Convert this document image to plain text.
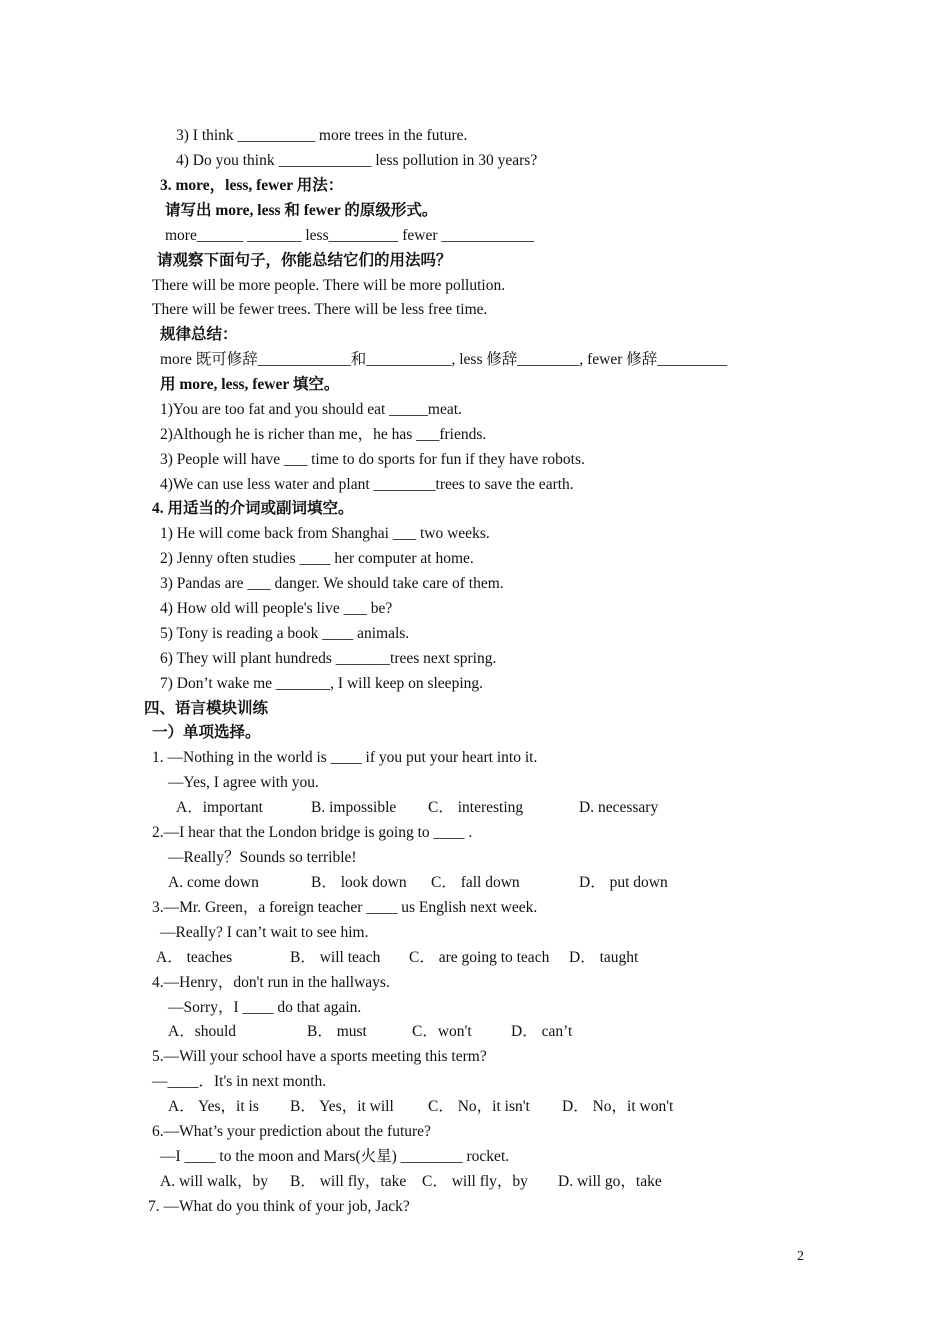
3) I think __________ more trees in the future.
4) Do you think ____________ less pollution in 30 years?
3. more，less, fewer 用法：
请写出 more, less 和 fewer 的原级形式。
more______ _______ less_________ fewer ____________
请观察下面句子，你能总结它们的用法吗？
There will be more people. There will be more pollution.
There will be fewer trees. There will be less free time.
规律总结：
more 既可修辞____________和___________, less 修辞________, fewer 修辞_________
用 more, less, fewer 填空。
1)You are too fat and you should eat _____meat.
2)Although he is richer than me，he has ___friends.
3) People will have ___ time to do sports for fun if they have robots.
4)We can use less water and plant ________trees to save the earth.
4. 用适当的介词或副词填空。
1) He will come back from Shanghai ___ two weeks.
2) Jenny often studies ____ her computer at home.
3) Pandas are ___ danger. We should take care of them.
4) How old will people's live ___ be?
5) Tony is reading a book ____ animals.
6) They will plant hundreds _______trees next spring.
7) Don’t wake me _______, I will keep on sleeping.
四、语言模块训练
一）单项选择。
1. —Nothing in the world is ____ if you put your heart into it.
—Yes, I agree with you.
2.—I hear that the London bridge is going to ____ .
—Really？Sounds so terrible!
3.—Mr. Green，a foreign teacher ____ us English next week.
—Really? I can’t wait to see him.
4.—Henry，don't run in the hallways.
—Sorry，I ____ do that again.
5.—Will your school have a sports meeting this term?
—____．It's in next month.
6.—What’s your prediction about the future?
—I ____ to the moon and Mars(火星) ________ rocket.
7. —What do you think of your job, Jack?
A．important	B. impossible C． interesting	D. necessary
A. come down	B． look down C． fall down	D． put down
A． teaches	B． will teach C． are going to teach D． taught
A．should	B． must	C．won't	D． can’t
A． Yes，it is B． Yes，it will C． No，it isn't D． No，it won't
A. will walk，by B． will fly，take C． will fly，by D. will go，take
2
